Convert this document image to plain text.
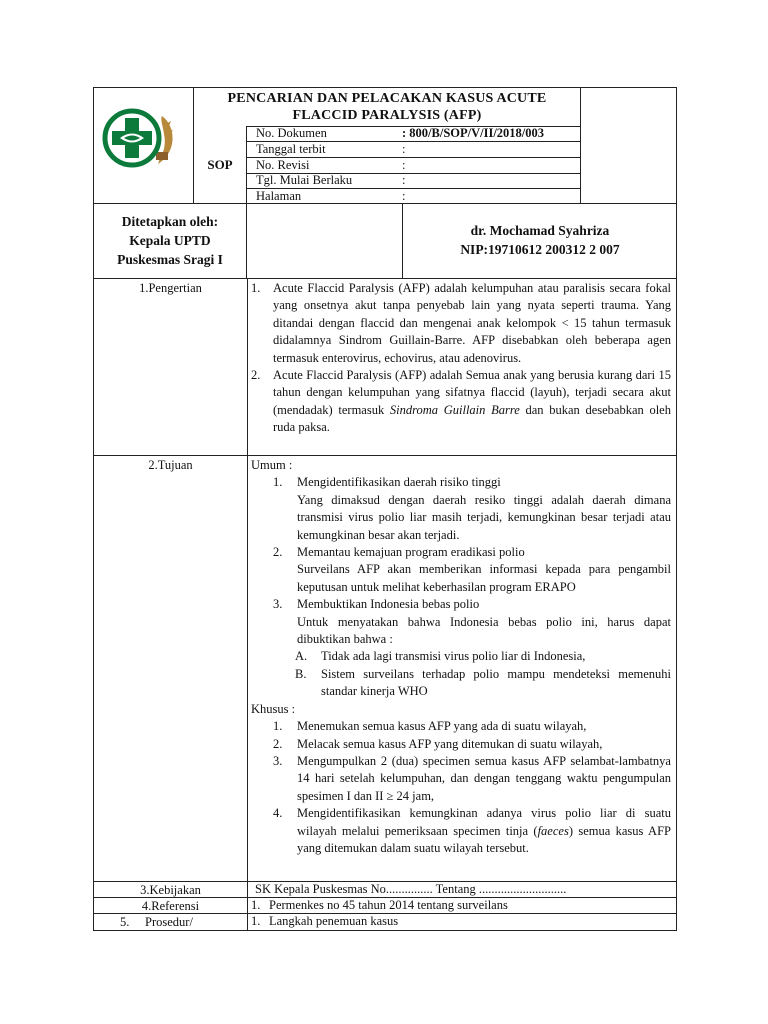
PENCARIAN DAN PELACAKAN KASUS ACUTE
FLACCID PARALYSIS (AFP)
SOP
No. Dokumen	: 800/B/SOP/V/II/2018/003
Tanggal terbit	:
No. Revisi	:
Tgl. Mulai Berlaku	:
Halaman	:
Ditetapkan oleh:
Kepala UPTD
Puskesmas Sragi I
dr. Mochamad Syahriza
NIP:19710612 200312 2 007
1.Pengertian	1. Acute Flaccid Paralysis (AFP) adalah kelumpuhan atau paralisis secara fokal yang onsetnya akut tanpa penyebab lain yang nyata seperti trauma. Yang ditandai dengan flaccid dan mengenai anak kelompok < 15 tahun termasuk didalamnya Sindrom Guillain-Barre. AFP disebabkan oleh beberapa agen termasuk enterovirus, echovirus, atau adenovirus.

2. Acute Flaccid Paralysis (AFP) adalah Semua anak yang berusia kurang dari 15 tahun dengan kelumpuhan yang sifatnya flaccid (layuh), terjadi secara akut (mendadak) termasuk Sindroma Guillain Barre dan bukan desebabkan oleh ruda paksa.

2.Tujuan	Umum :

1. Mengidentifikasikan daerah risiko tinggi

Yang dimaksud dengan daerah resiko tinggi adalah daerah dimana transmisi virus polio liar masih terjadi, kemungkinan besar terjadi atau kemungkinan besar akan terjadi.

2. Memantau kemajuan program eradikasi polio

Surveilans AFP akan memberikan informasi kepada para pengambil keputusan untuk melihat keberhasilan program ERAPO

3. Membuktikan Indonesia bebas polio

Untuk menyatakan bahwa Indonesia bebas polio ini, harus dapat dibuktikan bahwa :

A. Tidak ada lagi transmisi virus polio liar di Indonesia,

B. Sistem surveilans terhadap polio mampu mendeteksi memenuhi standar kinerja WHO

Khusus :

1. Menemukan semua kasus AFP yang ada di suatu wilayah,

2. Melacak semua kasus AFP yang ditemukan di suatu wilayah,

3. Mengumpulkan 2 (dua) specimen semua kasus AFP selambat-lambatnya 14 hari setelah kelumpuhan, dan dengan tenggang waktu pengumpulan spesimen I dan II ≥ 24 jam,

4. Mengidentifikasikan kemungkinan adanya virus polio liar di suatu wilayah melalui pemeriksaan specimen tinja (faeces) semua kasus AFP yang ditemukan dalam suatu wilayah tersebut.

3.Kebijakan	SK Kepala Puskesmas No............... Tentang ............................

4.Referensi	1. Permenkes no 45 tahun 2014 tentang surveilans

5.     Prosedur/	1. Langkah penemuan kasus
